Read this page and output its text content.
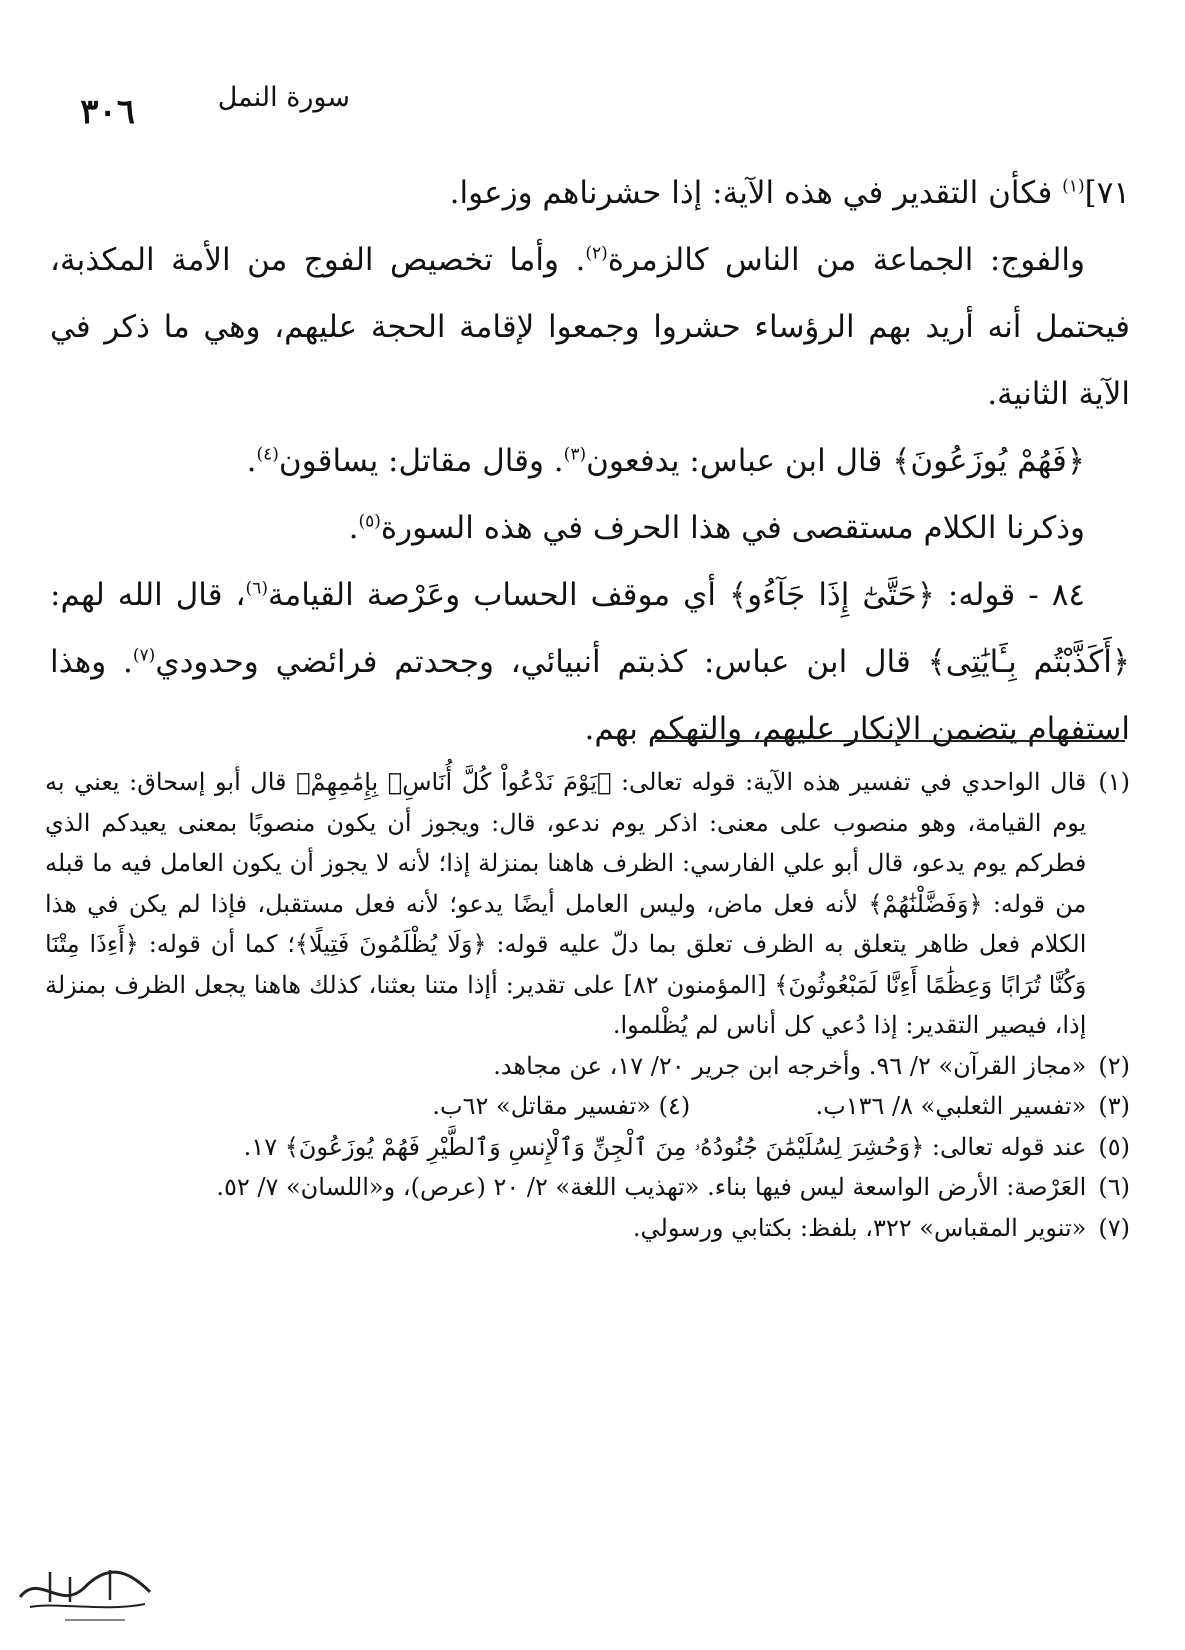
٣٠٦	سورة النمل

٧١]$^{(١)}$ فكأن التقدير في هذه الآية: إذا حشرناهم وزعوا.

والفوج: الجماعة من الناس كالزمرة$^{(٢)}$. وأما تخصيص الفوج من الأمة المكذبة، فيحتمل أنه أريد بهم الرؤساء حشروا وجمعوا لإقامة الحجة عليهم، وهي ما ذكر في الآية الثانية.

﴿فَهُمْ يُوزَعُونَ﴾ قال ابن عباس: يدفعون$^{(٣)}$. وقال مقاتل: يساقون$^{(٤)}$.

وذكرنا الكلام مستقصى في هذا الحرف في هذه السورة$^{(٥)}$.

٨٤ - قوله: ﴿حَتَّىٰٓ إِذَا جَآءُو﴾ أي موقف الحساب وعَرْصة القيامة$^{(٦)}$، قال الله لهم: ﴿أَكَذَّبْتُم بِـَٔايَٰتِى﴾ قال ابن عباس: كذبتم أنبيائي، وجحدتم فرائضي وحدودي$^{(٧)}$. وهذا استفهام يتضمن الإنكار عليهم، والتهكم بهم.

(١)
قال الواحدي في تفسير هذه الآية: قوله تعالى: ﴿يَوْمَ نَدْعُواْ كُلَّ أُنَاسِۭ بِإِمَٰمِهِمْ﴾ قال أبو إسحاق: يعني به يوم القيامة، وهو منصوب على معنى: اذكر يوم ندعو، قال: ويجوز أن يكون منصوبًا بمعنى يعيدكم الذي فطركم يوم يدعو، قال أبو علي الفارسي: الظرف هاهنا بمنزلة إذا؛ لأنه لا يجوز أن يكون العامل فيه ما قبله من قوله: ﴿وَفَضَّلْنَٰهُمْ﴾ لأنه فعل ماض، وليس العامل أيضًا يدعو؛ لأنه فعل مستقبل، فإذا لم يكن في هذا الكلام فعل ظاهر يتعلق به الظرف تعلق بما دلّ عليه قوله: ﴿وَلَا يُظْلَمُونَ فَتِيلًا﴾؛ كما أن قوله: ﴿أَءِذَا مِتْنَا وَكُنَّا تُرَابًا وَعِظَٰمًا أَءِنَّا لَمَبْعُوثُونَ﴾ [المؤمنون ٨٢] على تقدير: أإذا متنا بعثنا، كذلك هاهنا يجعل الظرف بمنزلة إذا، فيصير التقدير: إذا دُعي كل أناس لم يُظْلموا.
(٢)
«مجاز القرآن» ٢/ ٩٦. وأخرجه ابن جرير ٢٠/ ١٧، عن مجاهد.
(٣)
«تفسير الثعلبي» ٨/ ١٣٦ب.  (٤) «تفسير مقاتل» ٦٢ب.
(٥)
عند قوله تعالى: ﴿وَحُشِرَ لِسُلَيْمَٰنَ جُنُودُهُۥ مِنَ ٱلْجِنِّ وَٱلْإِنسِ وَٱلطَّيْرِ فَهُمْ يُوزَعُونَ﴾ ١٧.
(٦)
العَرْصة: الأرض الواسعة ليس فيها بناء. «تهذيب اللغة» ٢/ ٢٠ (عرص)، و«اللسان» ٧/ ٥٢.
(٧)
«تنوير المقباس» ٣٢٢، بلفظ: بكتابي ورسولي.
